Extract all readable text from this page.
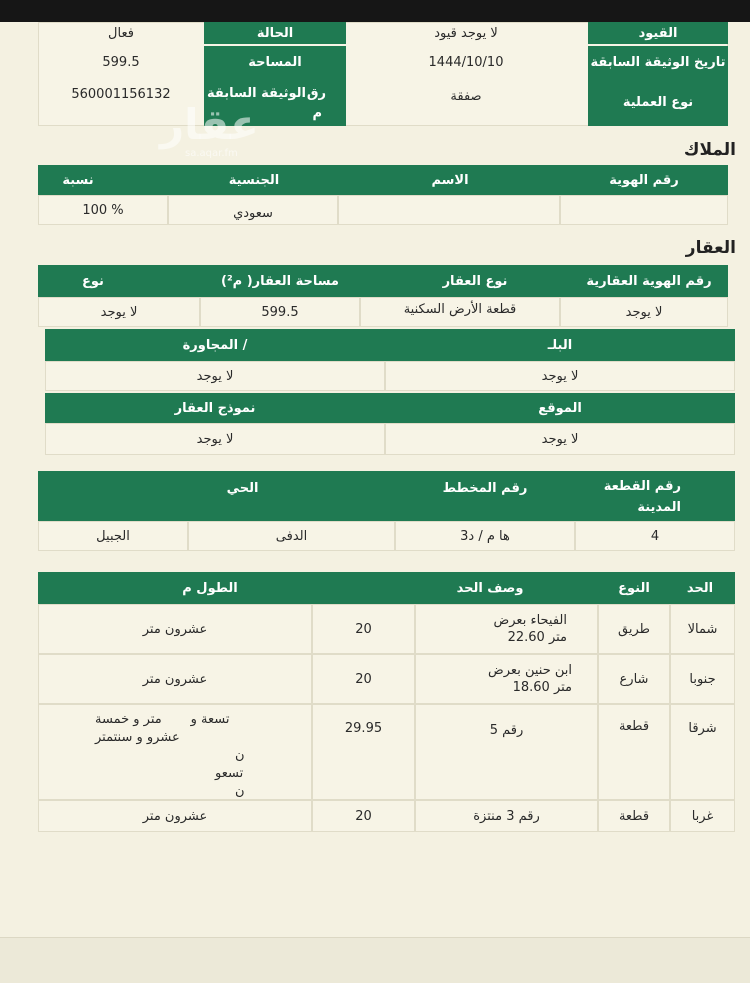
القيود
لا يوجد قيود
الحالة
فعال
تاريخ الوثيقة السابقة
1444/10/10
المساحة
599.5
نوع العملية
صفقة
رق
م
الوثيقة السابقة
560001156132
عقار
sa.aqar.fm	الملاك
رقم الهوية
الاسم
الجنسية
نسبة
سعودي
100 %
العقار
رقم الهوية العقارية
نوع العقار
مساحة العقار( م²)
نوع
لا يوجد
قطعة الأرض السكنية
599.5
لا يوجد
البلـ
المجاورة /
لا يوجد
لا يوجد
الموقع
نموذج العقار
لا يوجد
لا يوجد
رقم القطعة
المدينة
رقم المخطط
الحي
4
ها م / د3
الدفى
الجبيل
الحد
النوع
وصف الحد
الطول م
شمالا
طريق
الفيحاء بعرض
22.60 متر
20
عشرون متر
جنوبا
شارع
ابن حنين بعرض
18.60 متر
20
عشرون متر
شرقا
قطعة
رقم 5
29.95
تسعة و       متر و خمسة
عشرو و سنتمتر
ن
تسعو
ن
غربا
قطعة
رقم 3 منتزة
20
عشرون متر
